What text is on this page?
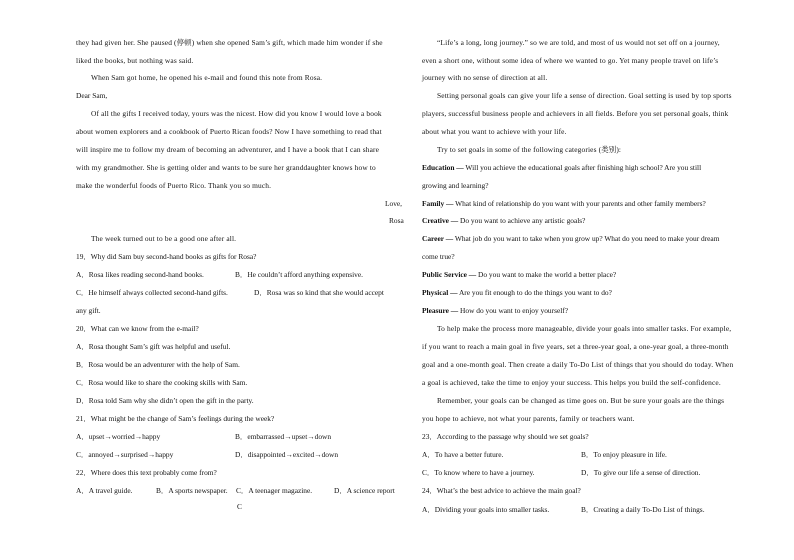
they had given her. She paused (停顿) when she opened Sam’s gift, which made him wonder if she
liked the books, but nothing was said.
When Sam got home, he opened his e-mail and found this note from Rosa.
Dear Sam,
Of all the gifts I received today, yours was the nicest. How did you know I would love a book
about women explorers and a cookbook of Puerto Rican foods? Now I have something to read that
will inspire me to follow my dream of becoming an adventurer, and I have a book that I can share
with my grandmother. She is getting older and wants to be sure her granddaughter knows how to
make the wonderful foods of Puerto Rico. Thank you so much.
Love,
Rosa
The week turned out to be a good one after all.
19．Why did Sam buy second-hand books as gifts for Rosa?
A．Rosa likes reading second-hand books.	B．He couldn’t afford anything expensive.
C．He himself always collected second-hand gifts.	D．Rosa was so kind that she would accept
any gift.
20．What can we know from the e-mail?
A．Rosa thought Sam’s gift was helpful and useful.
B．Rosa would be an adventurer with the help of Sam.
C．Rosa would like to share the cooking skills with Sam.
D．Rosa told Sam why she didn’t open the gift in the party.
21．What might be the change of Sam’s feelings during the week?
A．upset→worried→happy	B．embarrassed→upset→down
C．annoyed→surprised→happy	D．disappointed→excited→down
22．Where does this text probably come from?
A．A travel guide.	B．A sports newspaper. C．A teenager magazine.	D．A science report
C
“Life’s a long, long journey.” so we are told, and most of us would not set off on a journey,
even a short one, without some idea of where we wanted to go. Yet many people travel on life’s
journey with no sense of direction at all.
Setting personal goals can give your life a sense of direction. Goal setting is used by top sports
players, successful business people and achievers in all fields. Before you set personal goals, think
about what you want to achieve with your life.
Try to set goals in some of the following categories (类别):
Education — Will you achieve the educational goals after finishing high school? Are you still
growing and learning?
Family — What kind of relationship do you want with your parents and other family members?
Creative — Do you want to achieve any artistic goals?
Career — What job do you want to take when you grow up? What do you need to make your dream
come true?
Public Service — Do you want to make the world a better place?
Physical — Are you fit enough to do the things you want to do?
Pleasure — How do you want to enjoy yourself?
To help make the process more manageable, divide your goals into smaller tasks. For example,
if you want to reach a main goal in five years, set a three-year goal, a one-year goal, a three-month
goal and a one-month goal. Then create a daily To-Do List of things that you should do today. When
a goal is achieved, take the time to enjoy your success. This helps you build the self-confidence.
Remember, your goals can be changed as time goes on. But be sure your goals are the things
you hope to achieve, not what your parents, family or teachers want.
23．According to the passage why should we set goals?
A．To have a better future.	B．To enjoy pleasure in life.
C．To know where to have a journey.	D．To give our life a sense of direction.
24．What’s the best advice to achieve the main goal?
A．Dividing your goals into smaller tasks.	B．Creating a daily To-Do List of things.
